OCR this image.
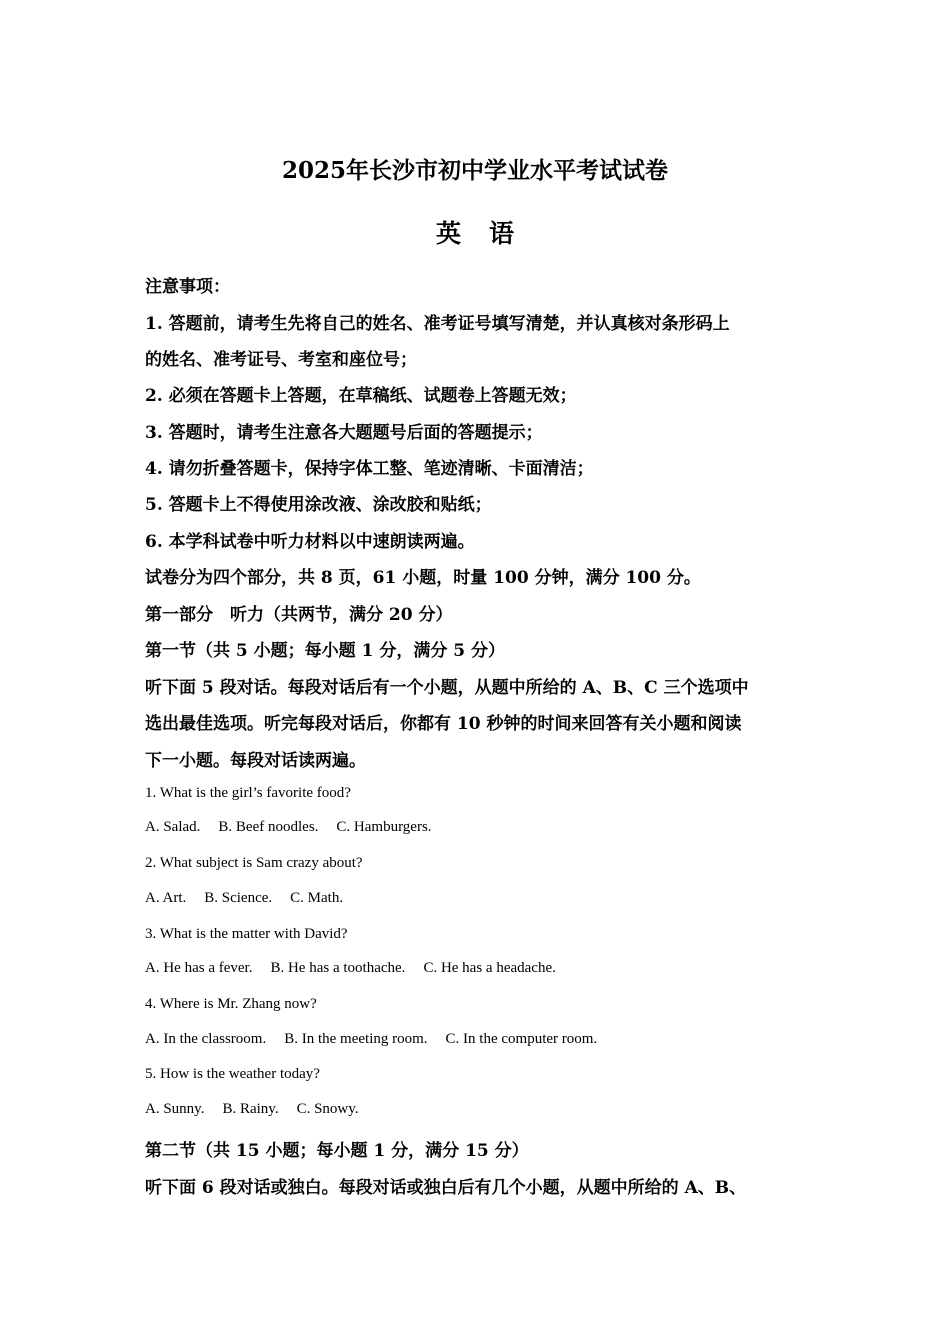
2025年长沙市初中学业水平考试试卷
英语
注意事项：
1. 答题前，请考生先将自己的姓名、准考证号填写清楚，并认真核对条形码上
的姓名、准考证号、考室和座位号；
2. 必须在答题卡上答题，在草稿纸、试题卷上答题无效；
3. 答题时，请考生注意各大题题号后面的答题提示；
4. 请勿折叠答题卡，保持字体工整、笔迹清晰、卡面清洁；
5. 答题卡上不得使用涂改液、涂改胶和贴纸；
6. 本学科试卷中听力材料以中速朗读两遍。
试卷分为四个部分，共 8 页，61 小题，时量 100 分钟，满分 100 分。
第一部分　听力（共两节，满分 20 分）
第一节（共 5 小题；每小题 1 分，满分 5 分）
听下面 5 段对话。每段对话后有一个小题，从题中所给的 A、B、C 三个选项中
选出最佳选项。听完每段对话后，你都有 10 秒钟的时间来回答有关小题和阅读
下一小题。每段对话读两遍。
1. What is the girl’s favorite food?
A. Salad. B. Beef noodles. C. Hamburgers.
2. What subject is Sam crazy about?
A. Art. B. Science. C. Math.
3. What is the matter with David?
A. He has a fever. B. He has a toothache. C. He has a headache.
4. Where is Mr. Zhang now?
A. In the classroom. B. In the meeting room. C. In the computer room.
5. How is the weather today?
A. Sunny. B. Rainy. C. Snowy.
第二节（共 15 小题；每小题 1 分，满分 15 分）
听下面 6 段对话或独白。每段对话或独白后有几个小题，从题中所给的 A、B、
